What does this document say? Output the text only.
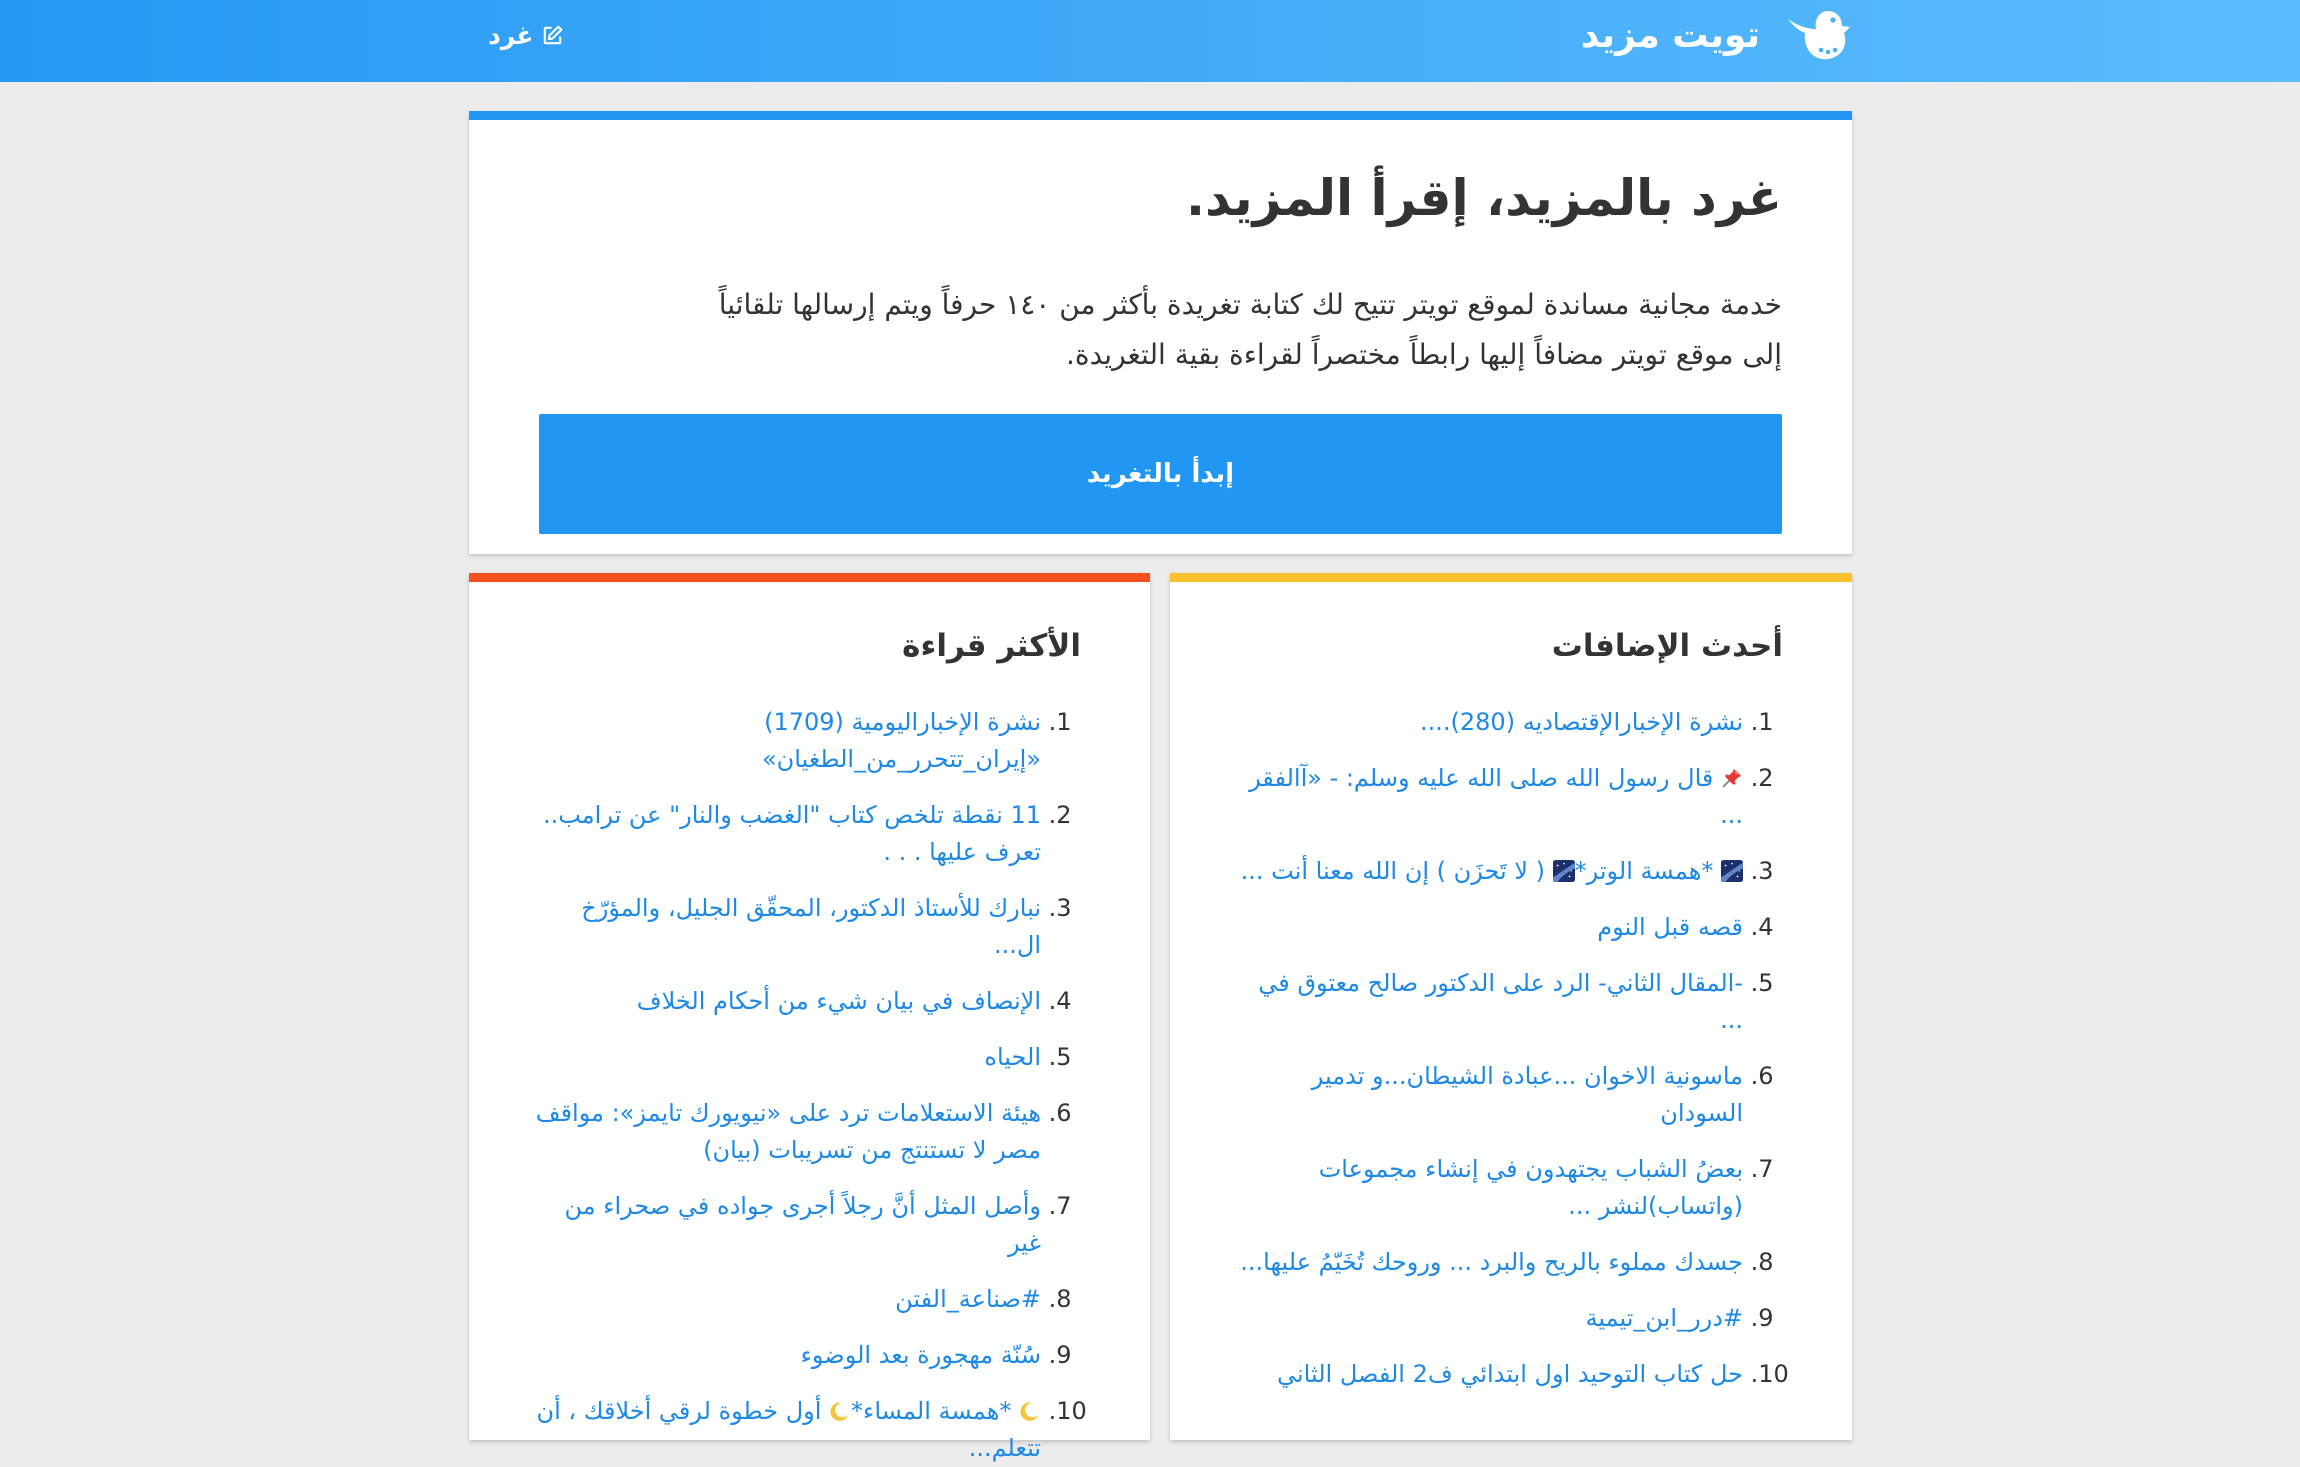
تويت مزيد
غرد
غرد بالمزيد، إقرأ المزيد.

خدمة مجانية مساندة لموقع تويتر تتيح لك كتابة تغريدة بأكثر من ١٤٠ حرفاً ويتم إرسالها تلقائياً
إلى موقع تويتر مضافاً إليها رابطاً مختصراً لقراءة بقية التغريدة.

إبدأ بالتغريد
أحدث الإضافات
1. نشرة الإخبارالإقتصاديه (280)....
2.
قال رسول الله صلى الله عليه وسلم: - «آالفقر ...
3.
*همسة الوتر*
( لا تَحزَن ) إن الله معنا أنت ...
4. قصه قبل النوم
5. -المقال الثاني- الرد على الدكتور صالح معتوق في ...
6. ماسونية الاخوان ...عبادة الشيطان...و تدمير السودان
7. بعضُ الشباب يجتهدون في إنشاء مجموعات (واتساب)لنشر ...
8. جسدك مملوء بالريح والبرد ... وروحك تُخَيّمُ عليها...
9. #درر_ابن_تيمية
10. حل كتاب التوحيد اول ابتدائي ف2 الفصل الثاني
الأكثر قراءة
1. نشرة الإخباراليومية (1709) «إيران_تتحرر_من_الطغيان»
2. 11 نقطة تلخص كتاب "الغضب والنار" عن ترامب.. تعرف عليها . . .
3. نبارك للأستاذ الدكتور، المحقّق الجليل، والمؤرّخ ال...
4. الإنصاف في بيان شيء من أحكام الخلاف
5. الحياه
6. هيئة الاستعلامات ترد على «نيويورك تايمز»: مواقف مصر لا تستنتج من تسريبات (بيان)
7. وأصل المثل أنَّ رجلاً أجرى جواده في صحراء من غير
8. #صناعة_الفتن
9. سُنّة مهجورة بعد الوضوء
10.
*همسة المساء*
أول خطوة لرقي أخلاقك ، أن تتعلم...
